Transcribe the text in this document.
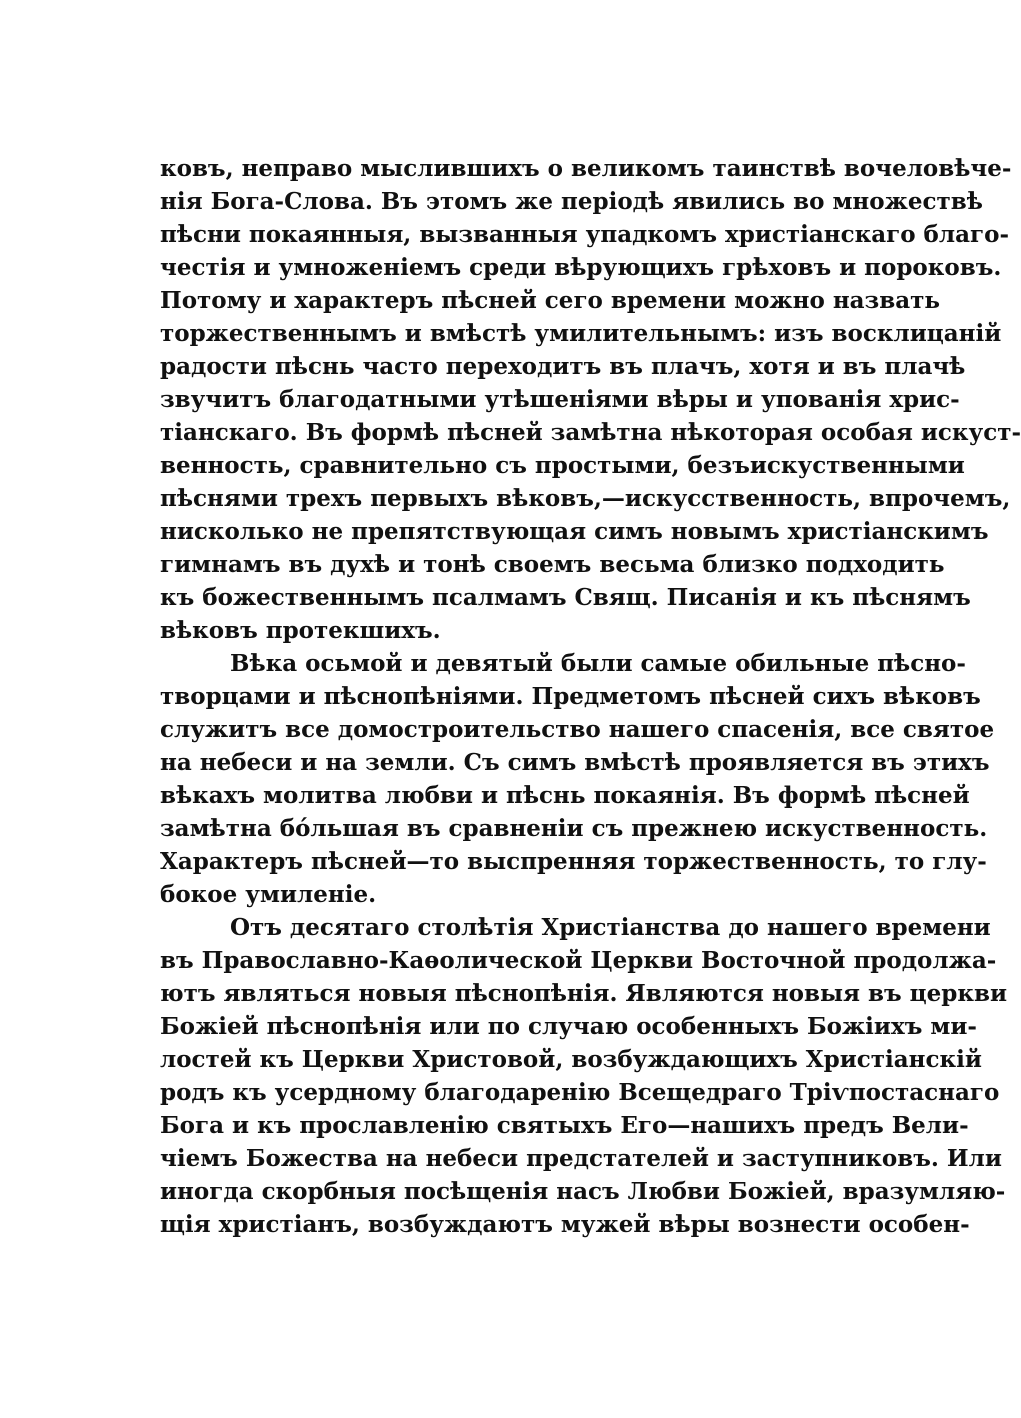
ковъ, неправо мыслившихъ о великомъ таинствѣ вочеловѣче-
нія Бога-Слова. Въ этомъ же періодѣ явились во множествѣ
пѣсни покаянныя, вызванныя упадкомъ христіанскаго благо-
честія и умноженіемъ среди вѣрующихъ грѣховъ и пороковъ.
Потому и характеръ пѣсней сего времени можно назвать
торжественнымъ и вмѣстѣ умилительнымъ: изъ восклицаній
радости пѣснь часто переходитъ въ плачъ, хотя и въ плачѣ
звучитъ благодатными утѣшеніями вѣры и упованія хрис-
тіанскаго. Въ формѣ пѣсней замѣтна нѣкоторая особая искуст-
венность, сравнительно съ простыми, безъискуственными
пѣснями трехъ первыхъ вѣковъ,—искусственность, впрочемъ,
нисколько не препятствующая симъ новымъ христіанскимъ
гимнамъ въ духѣ и тонѣ своемъ весьма близко подходить
къ божественнымъ псалмамъ Свящ. Писанія и къ пѣснямъ
вѣковъ протекшихъ.
Вѣка осьмой и девятый были самые обильные пѣсно-
творцами и пѣснопѣніями. Предметомъ пѣсней сихъ вѣковъ
служитъ все домостроительство нашего спасенія, все святое
на небеси и на земли. Съ симъ вмѣстѣ проявляется въ этихъ
вѣкахъ молитва любви и пѣснь покаянія. Въ формѣ пѣсней
замѣтна бóльшая въ сравненіи съ прежнею искуственность.
Характеръ пѣсней—то выспренняя торжественность, то глу-
бокое умиленіе.
Отъ десятаго столѣтія Христіанства до нашего времени
въ Православно-Каѳолической Церкви Восточной продолжа-
ютъ являться новыя пѣснопѣнія. Являются новыя въ церкви
Божіей пѣснопѣнія или по случаю особенныхъ Божіихъ ми-
лостей къ Церкви Христовой, возбуждающихъ Христіанскій
родъ къ усердному благодаренію Всещедраго Тріѵпостаснаго
Бога и къ прославленію святыхъ Его—нашихъ предъ Вели-
чіемъ Божества на небеси предстателей и заступниковъ. Или
иногда скорбныя посѣщенія насъ Любви Божіей, вразумляю-
щія христіанъ, возбуждаютъ мужей вѣры вознести особен-
